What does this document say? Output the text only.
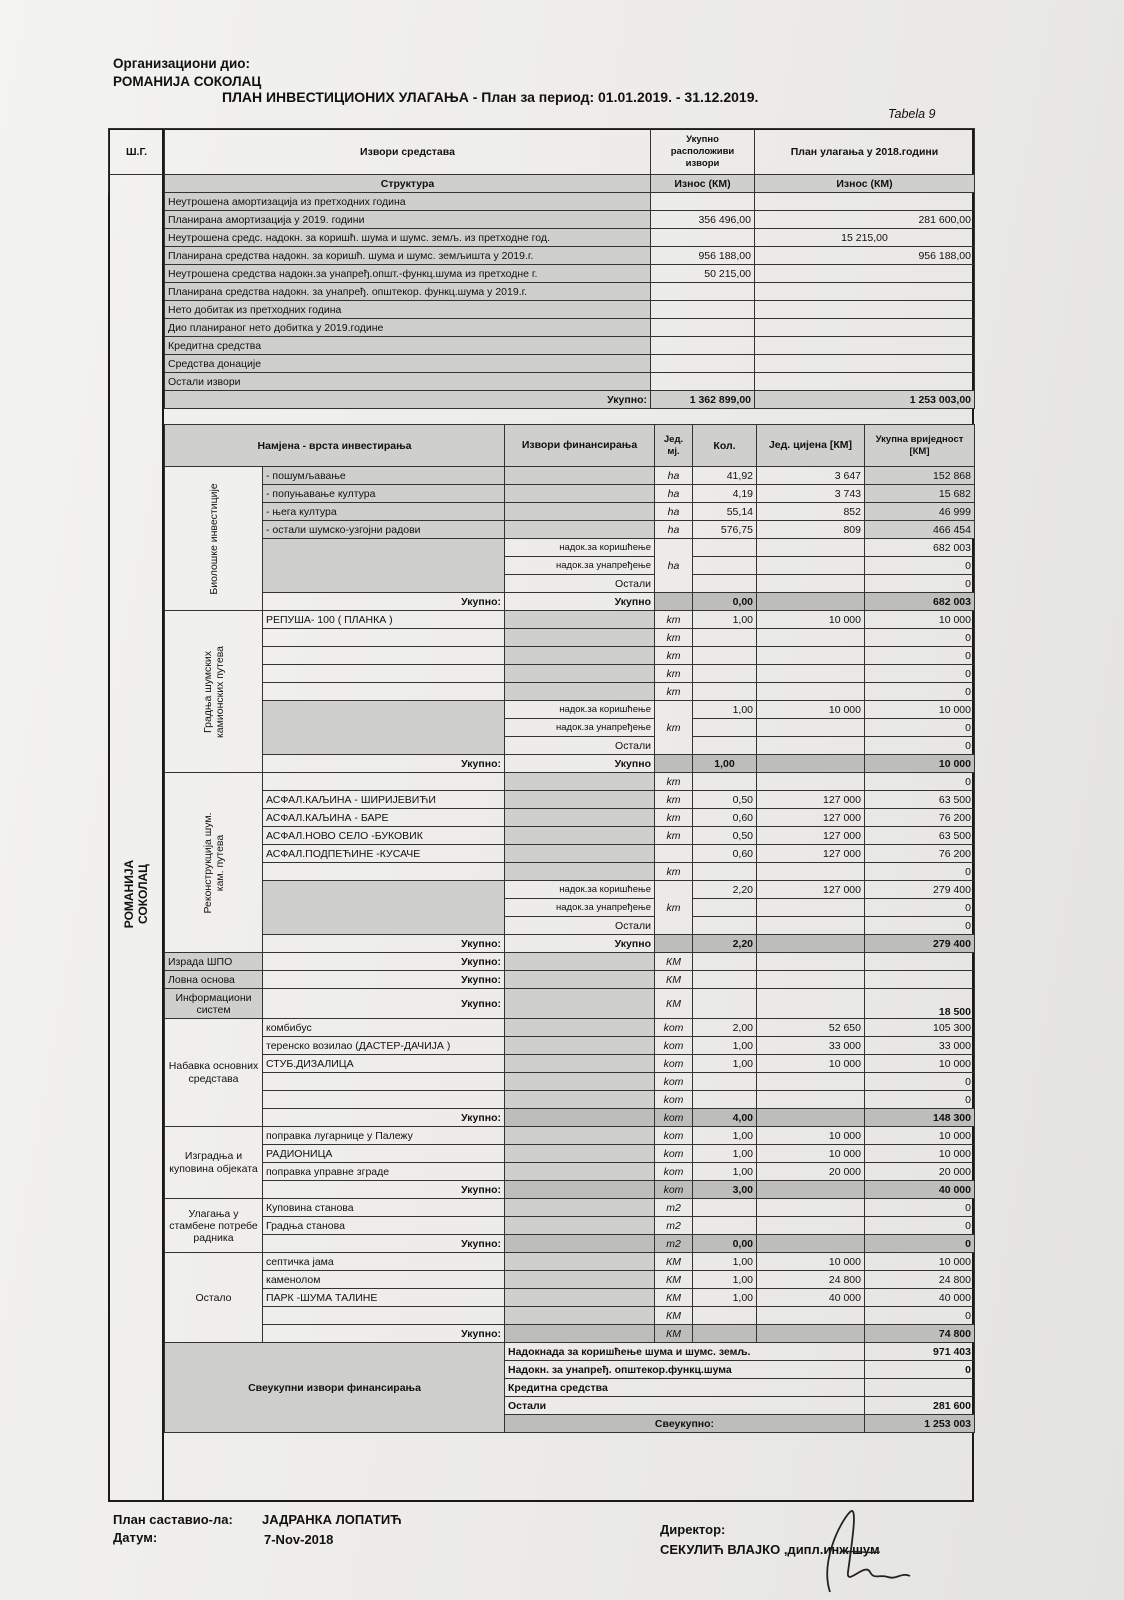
Организациони дио:
РОМАНИЈА СОКОЛАЦ
ПЛАН ИНВЕСТИЦИОНИХ УЛАГАЊА - План за период: 01.01.2019. - 31.12.2019.
Tabela 9
РОМАНИЈА СОКОЛАЦ
Ш.Г.	Извори средстава	Укупно расположиви извори	План улагања у 2018.години
	Структура	Износ (КМ)	Износ (КМ)
	Неутрошена амортизација из претходних година		
	Планирана амортизација у 2019. години	356 496,00	281 600,00
	Неутрошена средс. надокн. за коришћ. шума и шумс. земљ. из претходне год.		15 215,00
	Планирана средства надокн. за коришћ. шума и шумс. земљишта у 2019.г.	956 188,00	956 188,00
	Неутрошена средства надокн.за унапређ.општ.-функц.шума из претходне г.	50 215,00	
	Планирана средства надокн. за унапређ. општекор. функц.шума у 2019.г.		
	Нето добитак из претходних година		
	Дио планираног нето добитка у 2019.године		
	Кредитна средства		
	Средства донације		
	Остали извори		
	Укупно:	1 362 899,00	1 253 003,00
Намјена - врста инвестирања		Извори финансирања	Јед. мј.	Кол.	Јед. цијена [КМ]	Укупна вриједност [КМ]

Биолошке инвестиције	- пошумљавање		ha	41,92	3 647	152 868
	- попуњавање култура		ha	4,19	3 743	15 682
	- њега култура		ha	55,14	852	46 999
	- остали шумско-узгојни радови		ha	576,75	809	466 454
		надок.за коришћење	ha			682 003
		надок.за унапређење				0
		Остали				0
	Укупно:	Укупно		0,00		682 003

Градња шумских камионских путева	РЕПУША- 100 ( ПЛАНКА )		km	1,00	10 000	10 000
			km			0
			km			0
			km			0
			km			0
		надок.за коришћење	km	1,00	10 000	10 000
		надок.за унапређење				0
		Остали				0
	Укупно:	Укупно		1,00		10 000

Реконструкција шум. кам. путева			km			0
	АСФАЛ.КАЉИНА - ШИРИЈЕВИЋИ		km	0,50	127 000	63 500
	АСФАЛ.КАЉИНА - БАРЕ		km	0,60	127 000	76 200
	АСФАЛ.НОВО СЕЛО -БУКОВИК		km	0,50	127 000	63 500
	АСФАЛ.ПОДПЕЋИНЕ -КУСАЧЕ			0,60	127 000	76 200
			km			0
		надок.за коришћење	km	2,20	127 000	279 400
		надок.за унапређење				0
		Остали				0
	Укупно:	Укупно		2,20		279 400
Израда ШПО	Укупно:		КМ			
Ловна основа	Укупно:		КМ			
Информациони систем	Укупно:		КМ			18 500
Набавка основних средстава	комбибус		kom	2,00	52 650	105 300
	теренско возилао (ДАСТЕР-ДАЧИЈА )		kom	1,00	33 000	33 000
	СТУБ.ДИЗАЛИЦА		kom	1,00	10 000	10 000
			kom			0
			kom			0
	Укупно:		kom	4,00		148 300
Изградња и куповина објеката	поправка лугарнице у Палежу		kom	1,00	10 000	10 000
	РАДИОНИЦА		kom	1,00	10 000	10 000
	поправка управне зграде		kom	1,00	20 000	20 000
	Укупно:		kom	3,00		40 000
Улагања у стамбене потребе радника	Куповина станова		m2			0
	Градња станова		m2			0
	Укупно:		m2	0,00		0
Остало	септичка јама		КМ	1,00	10 000	10 000
	каменолом		КМ	1,00	24 800	24 800
	ПАРК -ШУМА ТАЛИНЕ		КМ	1,00	40 000	40 000
			КМ			0
	Укупно:		КМ			74 800
Свеукупни извори финансирања		Надокнада за коришћење шума и шумс. земљ.				971 403
		Надокн. за унапређ. општекор.функц.шума				0
		Кредитна средства				
		Остали				281 600
		Свеукупно:				1 253 003
План саставио-ла: ЈАДРАНКА ЛОПАТИЋ
Датум:	7-Nov-2018
Директор:
СЕКУЛИЋ ВЛАЈКО ,дипл.инж.шум
